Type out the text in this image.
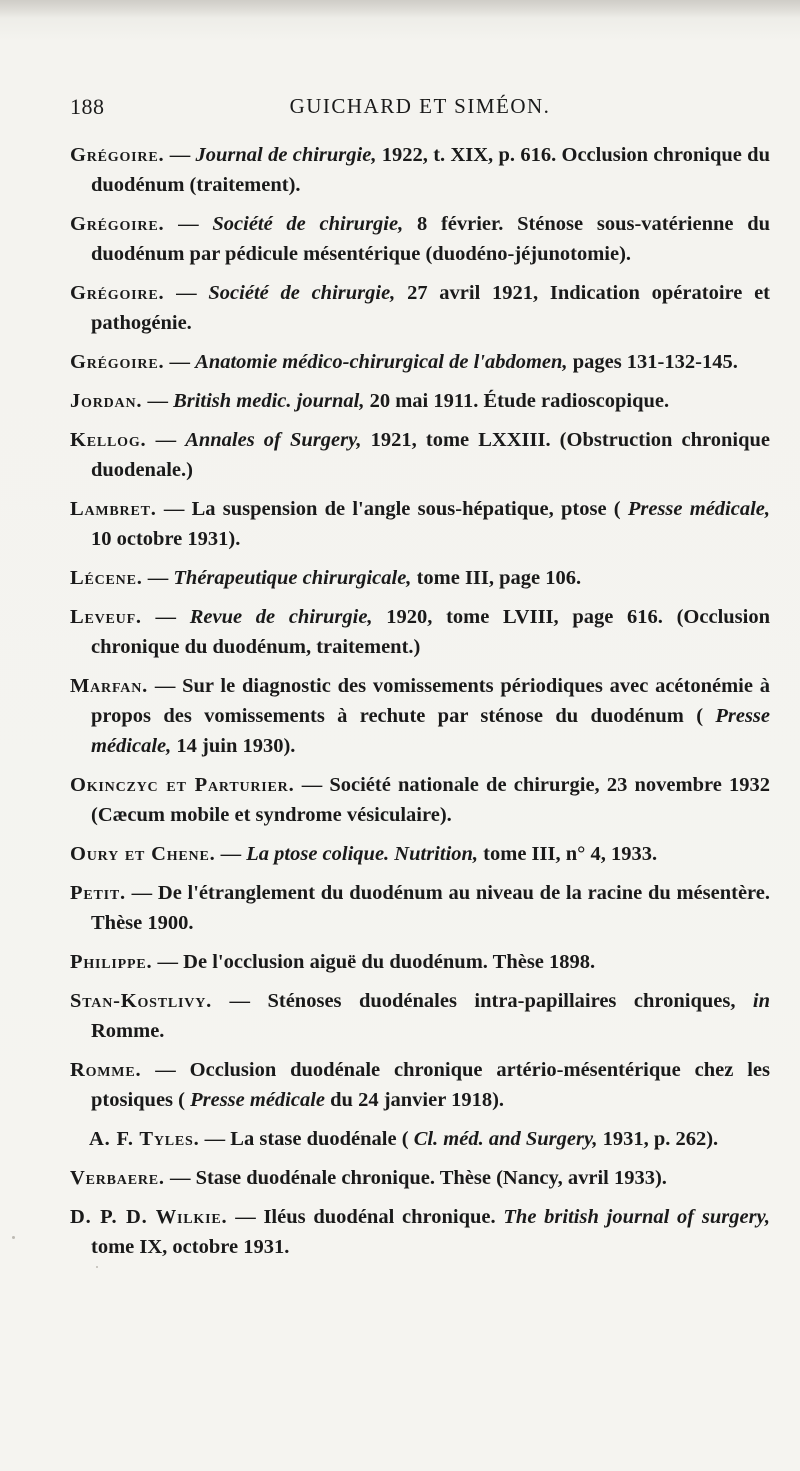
188	GUICHARD ET SIMÉON.

Grégoire. — Journal de chirurgie, 1922, t. XIX, p. 616. Occlusion chronique du duodénum (traitement).

Grégoire. — Société de chirurgie, 8 février. Sténose sous-vatérienne du duodénum par pédicule mésentérique (duodéno-jéjunotomie).

Grégoire. — Société de chirurgie, 27 avril 1921, Indication opératoire et pathogénie.

Grégoire. — Anatomie médico-chirurgical de l'abdomen, pages 131-132-145.

Jordan. — British medic. journal, 20 mai 1911. Étude radioscopique.

Kellog. — Annales of Surgery, 1921, tome LXXIII. (Obstruction chronique duodenale.)

Lambret. — La suspension de l'angle sous-hépatique, ptose ( Presse médicale, 10 octobre 1931).

Lécene. — Thérapeutique chirurgicale, tome III, page 106.

Leveuf. — Revue de chirurgie, 1920, tome LVIII, page 616. (Occlusion chronique du duodénum, traitement.)

Marfan. — Sur le diagnostic des vomissements périodiques avec acétonémie à propos des vomissements à rechute par sténose du duodénum ( Presse médicale, 14 juin 1930).

Okinczyc et Parturier. — Société nationale de chirurgie, 23 novembre 1932 (Cæcum mobile et syndrome vésiculaire).

Oury et Chene. — La ptose colique. Nutrition, tome III, n° 4, 1933.

Petit. — De l'étranglement du duodénum au niveau de la racine du mésentère. Thèse 1900.

Philippe. — De l'occlusion aiguë du duodénum. Thèse 1898.

Stan-Kostlivy. — Sténoses duodénales intra-papillaires chroniques, in Romme.

Romme. — Occlusion duodénale chronique artério-mésentérique chez les ptosiques ( Presse médicale du 24 janvier 1918).

A. F. Tyles. — La stase duodénale ( Cl. méd. and Surgery, 1931, p. 262).

Verbaere. — Stase duodénale chronique. Thèse (Nancy, avril 1933).

D. P. D. Wilkie. — Iléus duodénal chronique. The british journal of surgery, tome IX, octobre 1931.
